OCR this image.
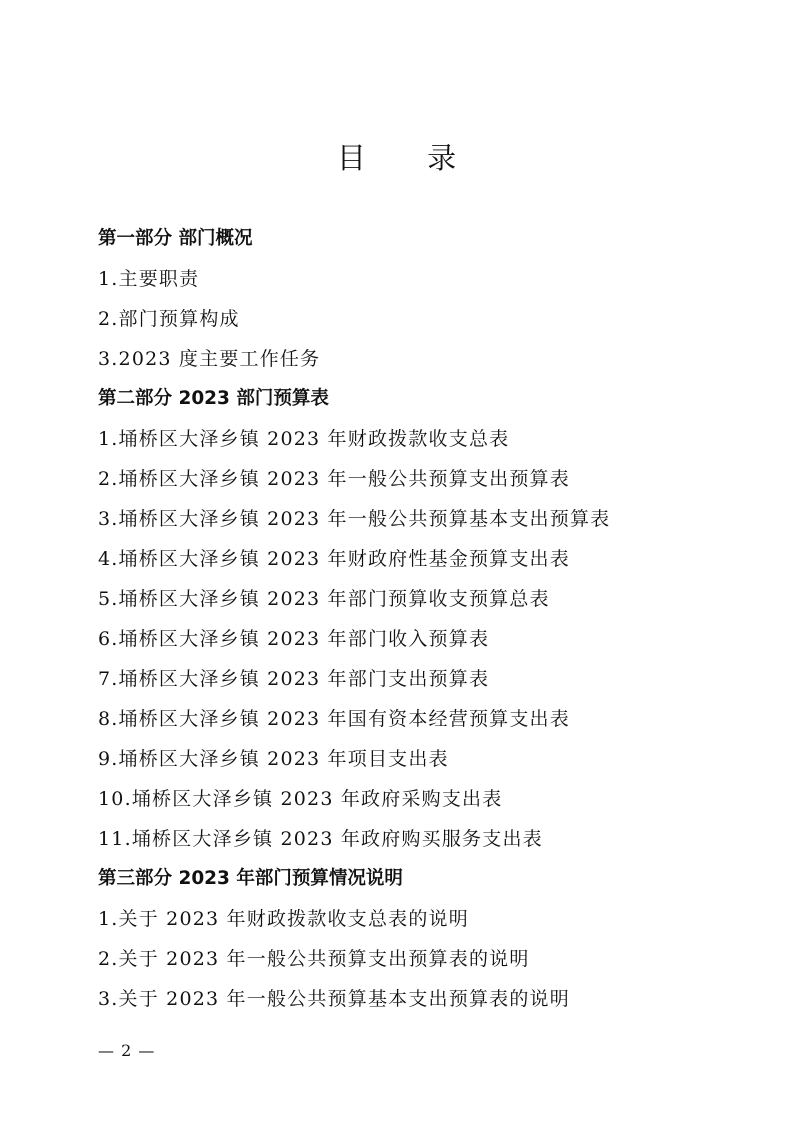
目 录
第一部分 部门概况
1.主要职责
2.部门预算构成
3.2023 度主要工作任务
第二部分 2023 部门预算表
1.埇桥区大泽乡镇 2023 年财政拨款收支总表
2.埇桥区大泽乡镇 2023 年一般公共预算支出预算表
3.埇桥区大泽乡镇 2023 年一般公共预算基本支出预算表
4.埇桥区大泽乡镇 2023 年财政府性基金预算支出表
5.埇桥区大泽乡镇 2023 年部门预算收支预算总表
6.埇桥区大泽乡镇 2023 年部门收入预算表
7.埇桥区大泽乡镇 2023 年部门支出预算表
8.埇桥区大泽乡镇 2023 年国有资本经营预算支出表
9.埇桥区大泽乡镇 2023 年项目支出表
10.埇桥区大泽乡镇 2023 年政府采购支出表
11.埇桥区大泽乡镇 2023 年政府购买服务支出表
第三部分 2023 年部门预算情况说明
1.关于 2023 年财政拨款收支总表的说明
2.关于 2023 年一般公共预算支出预算表的说明
3.关于 2023 年一般公共预算基本支出预算表的说明
— 2 —
